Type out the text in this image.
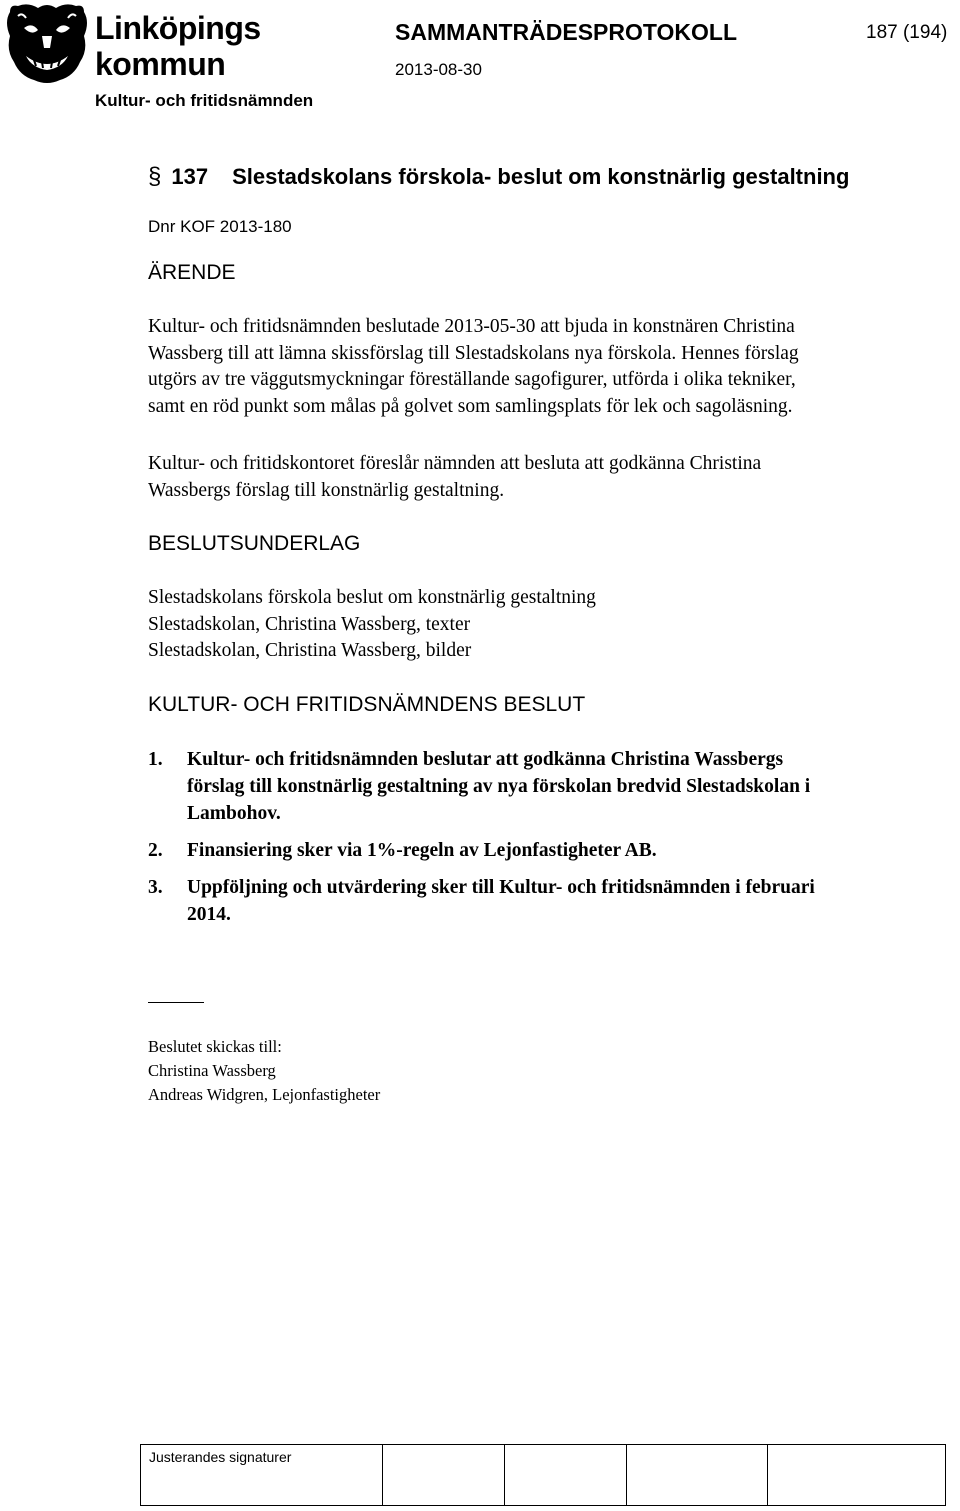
Linköpings
kommun
Kultur- och fritidsnämnden
SAMMANTRÄDESPROTOKOLL	187 (194)
2013-08-30
§ 137 Slestadskolans förskola- beslut om konstnärlig gestaltning
Dnr KOF 2013-180
ÄRENDE
Kultur- och fritidsnämnden beslutade 2013-05-30 att bjuda in konstnären Christina
Wassberg till att lämna skissförslag till Slestadskolans nya förskola. Hennes förslag
utgörs av tre väggutsmyckningar föreställande sagofigurer, utförda i olika tekniker,
samt en röd punkt som målas på golvet som samlingsplats för lek och sagoläsning.
Kultur- och fritidskontoret föreslår nämnden att besluta att godkänna Christina
Wassbergs förslag till konstnärlig gestaltning.
BESLUTSUNDERLAG
Slestadskolans förskola beslut om konstnärlig gestaltning
Slestadskolan, Christina Wassberg, texter
Slestadskolan, Christina Wassberg, bilder
KULTUR- OCH FRITIDSNÄMNDENS BESLUT
1. Kultur- och fritidsnämnden beslutar att godkänna Christina Wassbergs
förslag till konstnärlig gestaltning av nya förskolan bredvid Slestadskolan i
Lambohov.
2. Finansiering sker via 1%-regeln av Lejonfastigheter AB.
3. Uppföljning och utvärdering sker till Kultur- och fritidsnämnden i februari
2014.
Beslutet skickas till:
Christina Wassberg
Andreas Widgren, Lejonfastigheter
Justerandes signaturer
